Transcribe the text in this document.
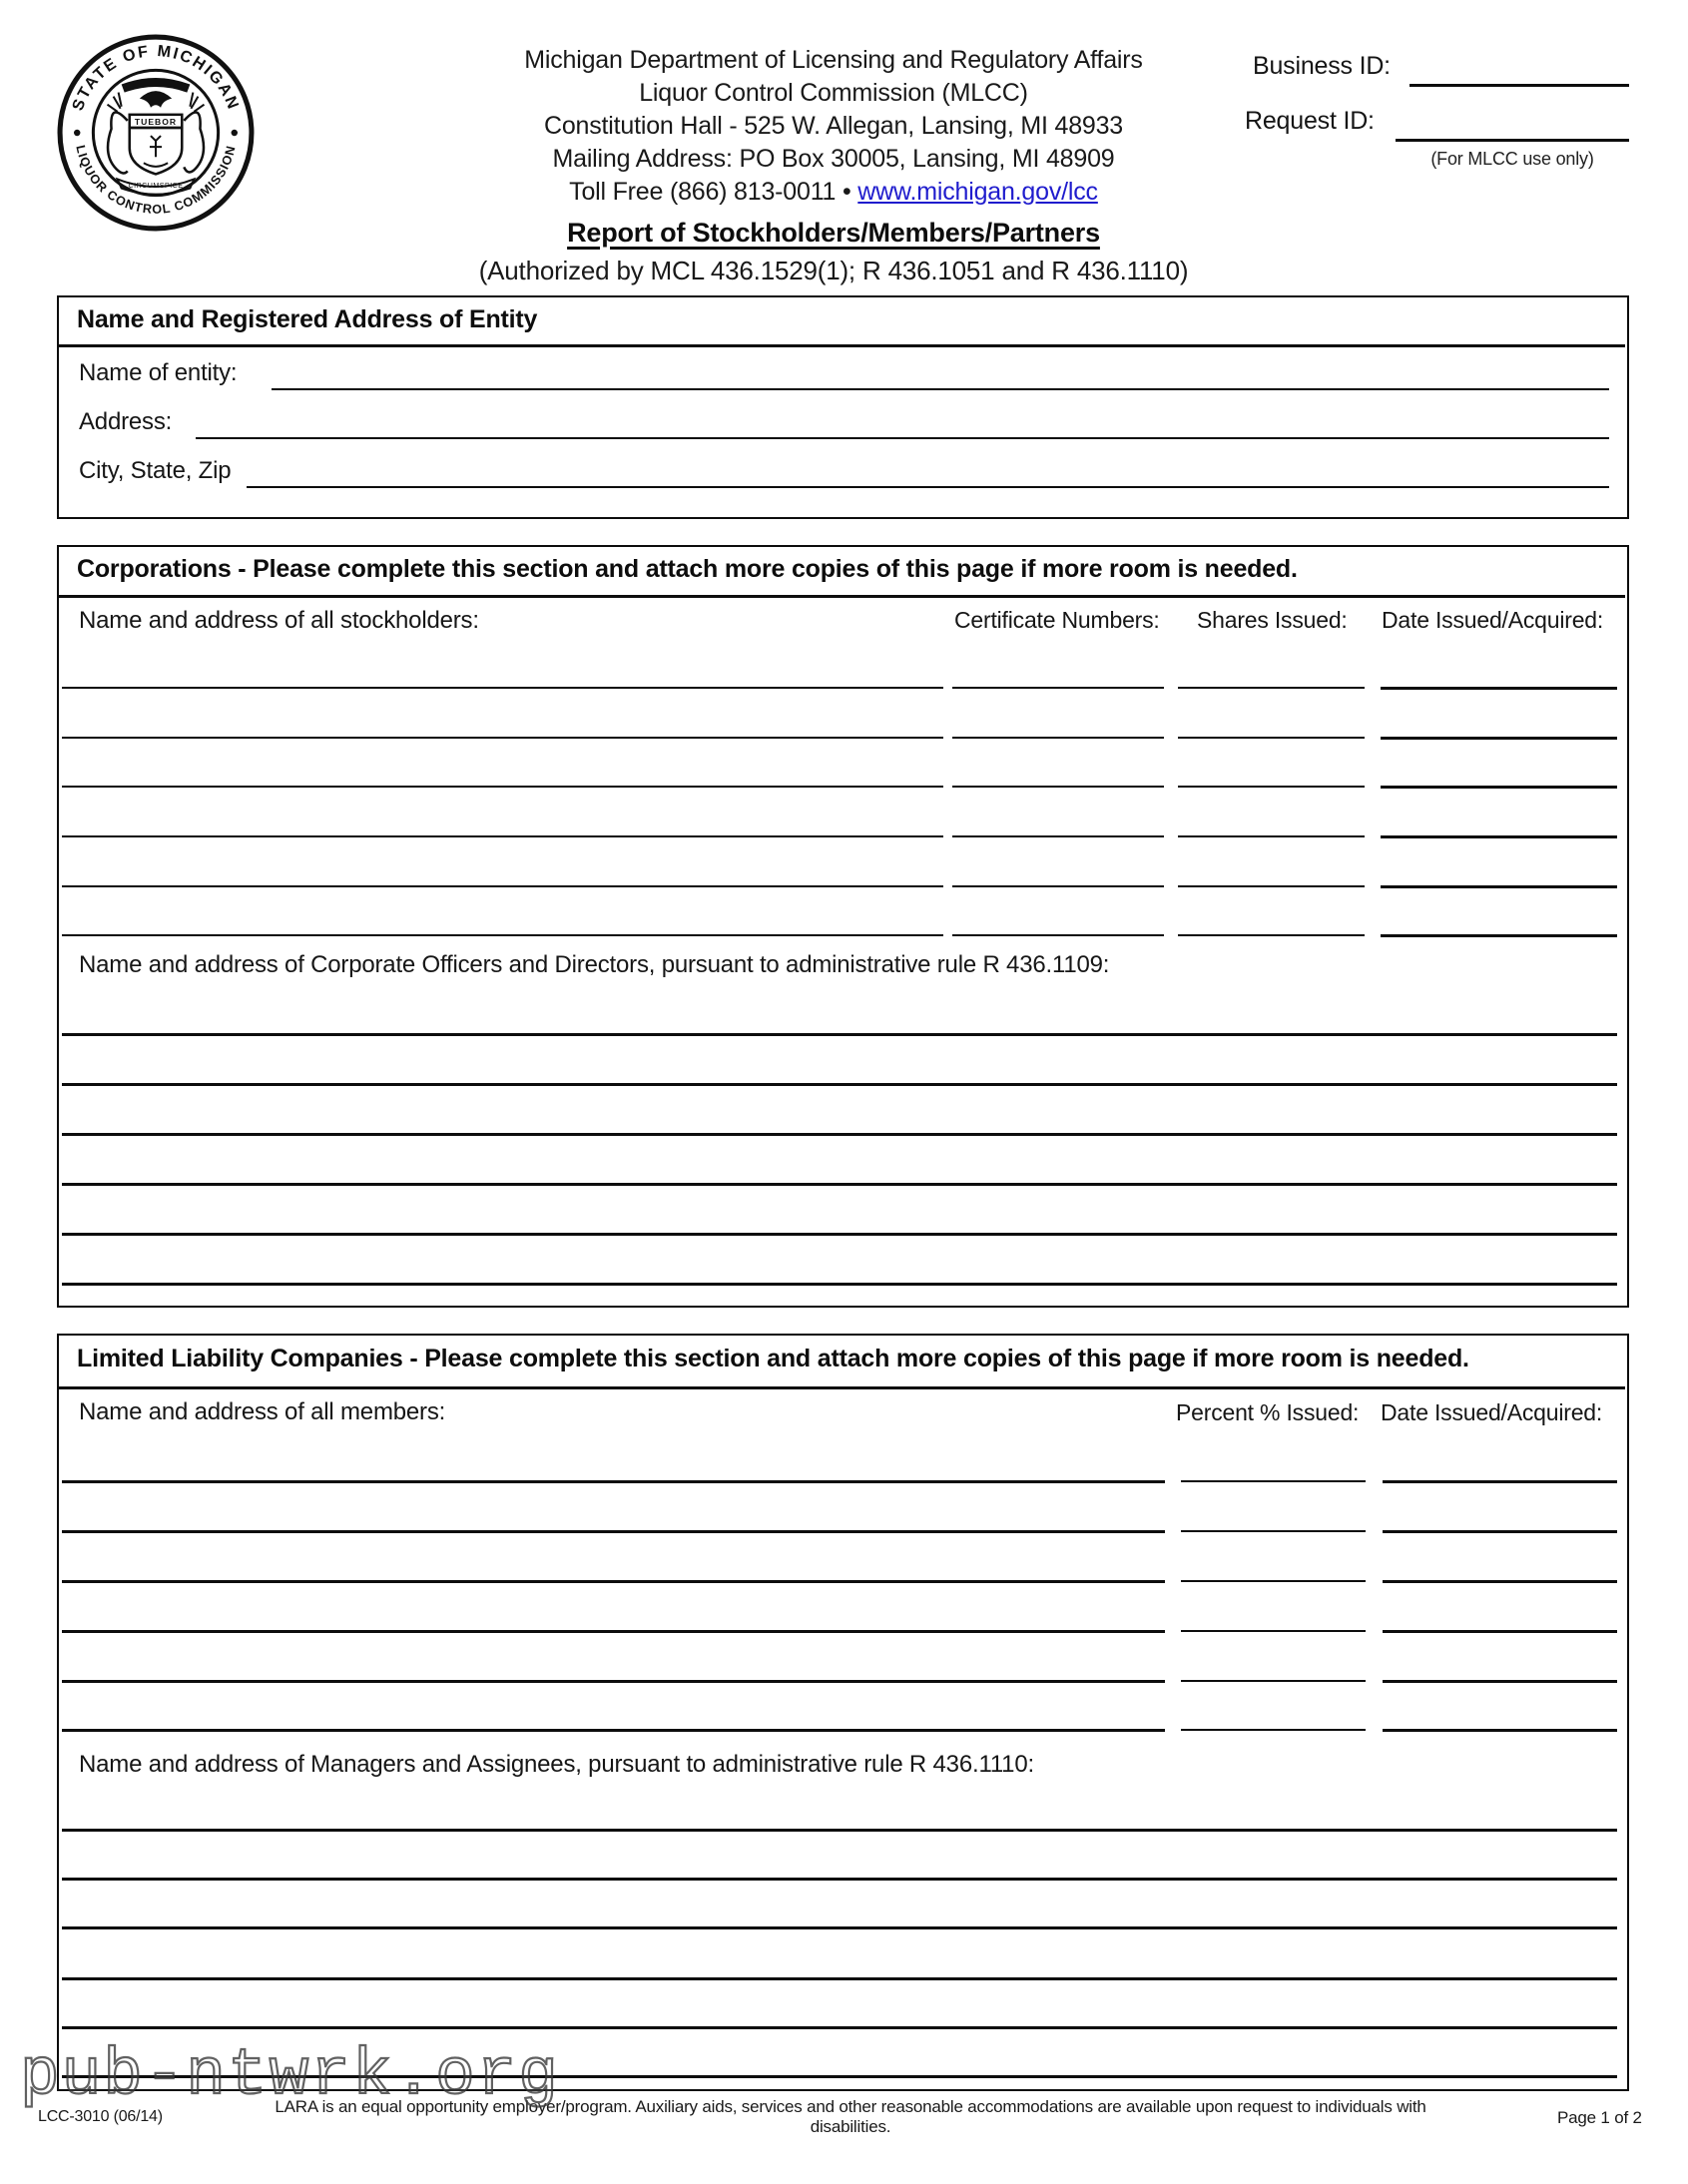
STATE OF MICHIGAN
LIQUOR CONTROL COMMISSION
TUEBOR
CIRCUMSPICE
Michigan Department of Licensing and Regulatory Affairs
Liquor Control Commission (MLCC)
Constitution Hall - 525 W. Allegan, Lansing, MI 48933
Mailing Address: PO Box 30005, Lansing, MI 48909
Toll Free (866) 813-0011 • www.michigan.gov/lcc
Report of Stockholders/Members/Partners
(Authorized by MCL 436.1529(1); R 436.1051 and R 436.1110)
Business ID:
Request ID:
(For MLCC use only)
Name and Registered Address of Entity
Name of entity:
Address:
City, State, Zip
Corporations - Please complete this section and attach more copies of this page if more room is needed.
Name and address of all stockholders:	Certificate Numbers: Shares Issued: Date Issued/Acquired:
Name and address of Corporate Officers and Directors, pursuant to administrative rule R 436.1109:
Limited Liability Companies - Please complete this section and attach more copies of this page if more room is needed.
Name and address of all members:	Percent % Issued: Date Issued/Acquired:
Name and address of Managers and Assignees, pursuant to administrative rule R 436.1110:
LCC-3010 (06/14)
LARA is an equal opportunity employer/program. Auxiliary aids, services and other reasonable accommodations are available upon request to individuals with disabilities.	Page 1 of 2
pub-ntwrk.org
